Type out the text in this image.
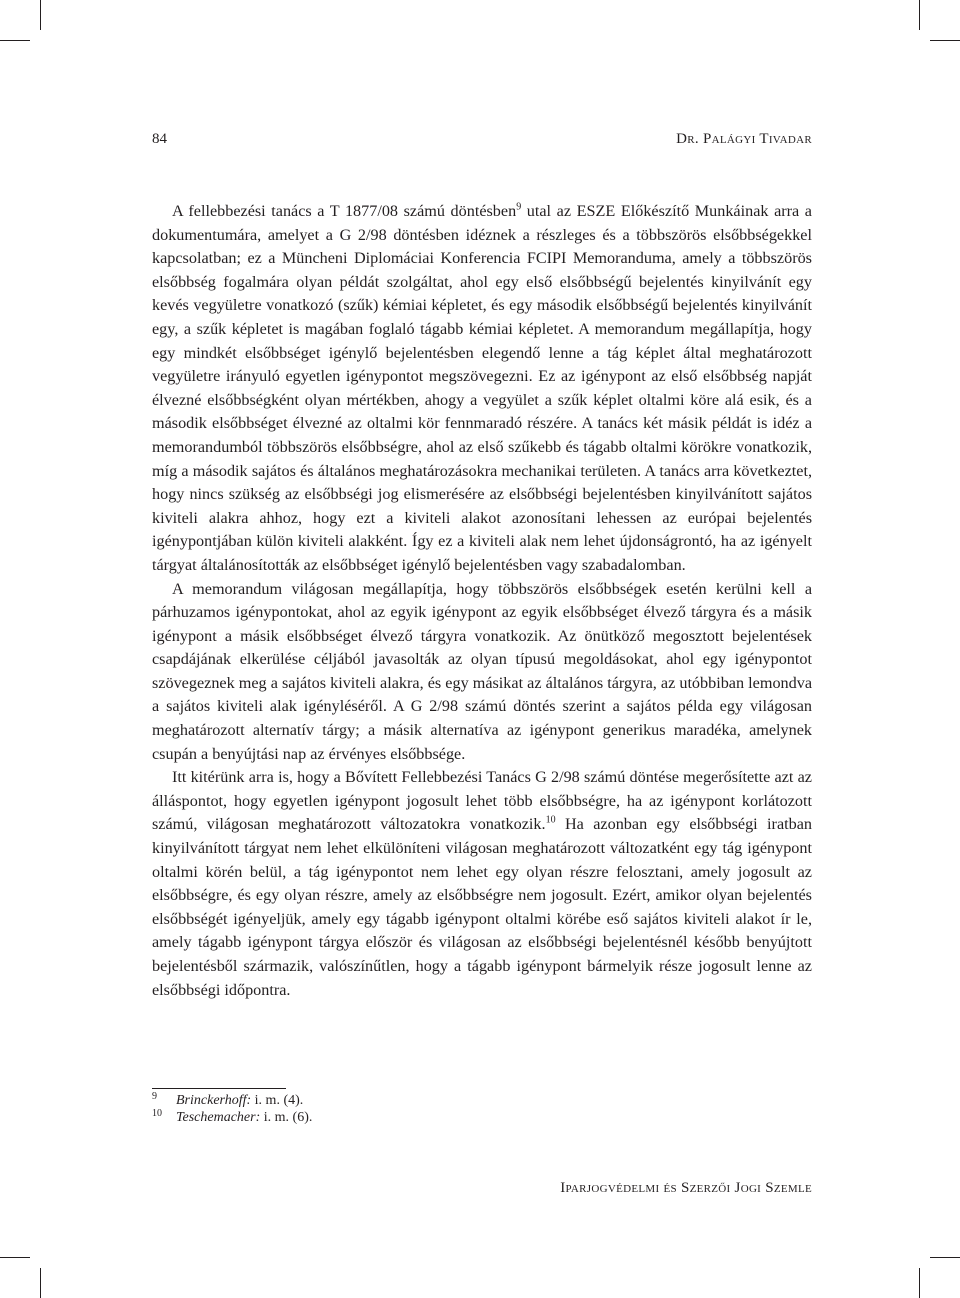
84	Dr. Palágyi Tivadar

A fellebbezési tanács a T 1877/08 számú döntésben$^9$ utal az ESZE Előkészítő Munkáinak arra a dokumentumára, amelyet a G 2/98 döntésben idéznek a részleges és a többszörös elsőbbségekkel kapcsolatban; ez a Müncheni Diplomáciai Konferencia FCIPI Memoranduma, amely a többszörös elsőbbség fogalmára olyan példát szolgáltat, ahol egy első elsőbbségű bejelentés kinyilvánít egy kevés vegyületre vonatkozó (szűk) kémiai képletet, és egy második elsőbbségű bejelentés kinyilvánít egy, a szűk képletet is magában foglaló tágabb kémiai képletet. A memorandum megállapítja, hogy egy mindkét elsőbbséget igénylő bejelentésben elegendő lenne a tág képlet által meghatározott vegyületre irányuló egyetlen igénypontot megszövegezni. Ez az igénypont az első elsőbbség napját élvezné elsőbbségként olyan mértékben, ahogy a vegyület a szűk képlet oltalmi köre alá esik, és a második elsőbbséget élvezné az oltalmi kör fennmaradó részére. A tanács két másik példát is idéz a memorandumból többszörös elsőbbségre, ahol az első szűkebb és tágabb oltalmi körökre vonatkozik, míg a második sajátos és általános meghatározásokra mechanikai területen. A tanács arra következtet, hogy nincs szükség az elsőbbségi jog elismerésére az elsőbbségi bejelentésben kinyilvánított sajátos kiviteli alakra ahhoz, hogy ezt a kiviteli alakot azonosítani lehessen az európai bejelentés igénypontjában külön kiviteli alakként. Így ez a kiviteli alak nem lehet újdonságrontó, ha az igényelt tárgyat általánosították az elsőbbséget igénylő bejelentésben vagy szabadalomban.

A memorandum világosan megállapítja, hogy többszörös elsőbbségek esetén kerülni kell a párhuzamos igénypontokat, ahol az egyik igénypont az egyik elsőbbséget élvező tárgyra és a másik igénypont a másik elsőbbséget élvező tárgyra vonatkozik. Az önütköző megosztott bejelentések csapdájának elkerülése céljából javasolták az olyan típusú megoldásokat, ahol egy igénypontot szövegeznek meg a sajátos kiviteli alakra, és egy másikat az általános tárgyra, az utóbbiban lemondva a sajátos kiviteli alak igényléséről. A G 2/98 számú döntés szerint a sajátos példa egy világosan meghatározott alternatív tárgy; a másik alternatíva az igénypont generikus maradéka, amelynek csupán a benyújtási nap az érvényes elsőbbsége.

Itt kitérünk arra is, hogy a Bővített Fellebbezési Tanács G 2/98 számú döntése megerősítette azt az álláspontot, hogy egyetlen igénypont jogosult lehet több elsőbbségre, ha az igénypont korlátozott számú, világosan meghatározott változatokra vonatkozik.$^{10}$ Ha azonban egy elsőbbségi iratban kinyilvánított tárgyat nem lehet elkülöníteni világosan meghatározott változatként egy tág igénypont oltalmi körén belül, a tág igénypontot nem lehet egy olyan részre felosztani, amely jogosult az elsőbbségre, és egy olyan részre, amely az elsőbbségre nem jogosult. Ezért, amikor olyan bejelentés elsőbbségét igényeljük, amely egy tágabb igénypont oltalmi körébe eső sajátos kiviteli alakot ír le, amely tágabb igénypont tárgya először és világosan az elsőbbségi bejelentésnél később benyújtott bejelentésből származik, valószínűtlen, hogy a tágabb igénypont bármelyik része jogosult lenne az elsőbbségi időpontra.

9 Brinckerhoff: i. m. (4).
10 Teschemacher: i. m. (6).
Iparjogvédelmi és Szerzői Jogi Szemle
